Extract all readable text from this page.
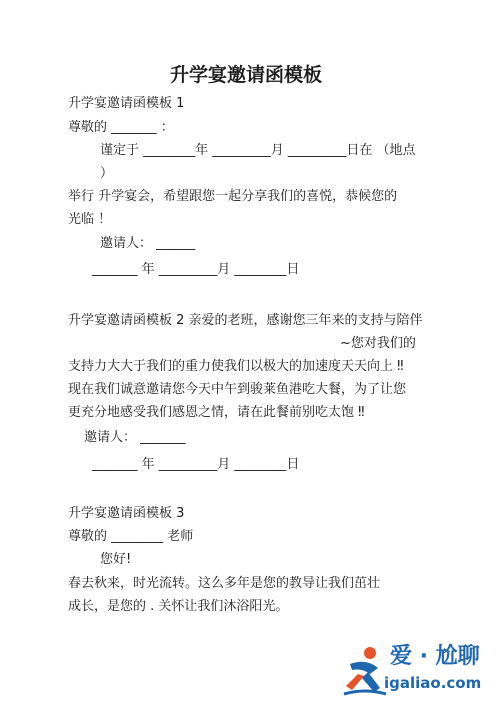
升学宴邀请函模板
升学宴邀请函模板 1
尊敬的 _______ ：
谨定于 ________年 _________月 _________日在 （地点
）
举行 升学宴会，希望跟您一起分享我们的喜悦，恭候您的
光临 ！
邀请人： ______
_______ 年 _________月 ________日
升学宴邀请函模板 2 亲爱的老班，感谢您三年来的支持与陪伴
~您对我们的
支持力大大于我们的重力使我们以极大的加速度天天向上 ‼
现在我们诚意邀请您今天中午到骏莱鱼港吃大餐，为了让您
更充分地感受我们感恩之情，请在此餐前别吃太饱 ‼
邀请人： _______
_______ 年 _________月 ________日
升学宴邀请函模板 3
尊敬的 ________ 老师
您好!
春去秋来，时光流转。这么多年是您的教导让我们茁壮
成长，是您的 . 关怀让我们沐浴阳光。
爱 · 尬聊
igaliao.com
